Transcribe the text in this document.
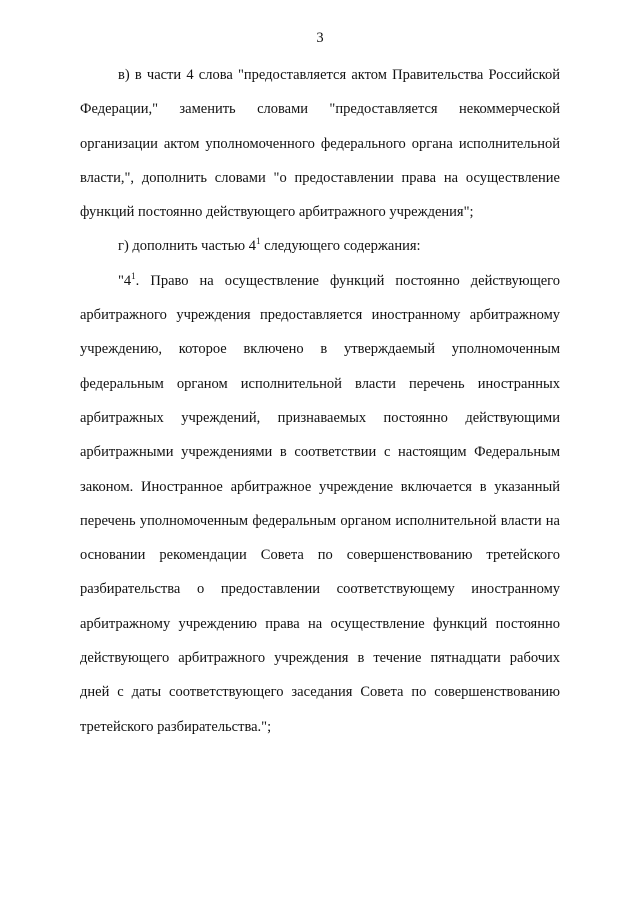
3

в) в части 4 слова "предоставляется актом Правительства Российской Федерации," заменить словами "предоставляется некоммерческой организации актом уполномоченного федерального органа исполнительной власти,", дополнить словами "о предоставлении права на осуществление функций постоянно действующего арбитражного учреждения";

г) дополнить частью $4^1$ следующего содержания:

"$4^1$. Право на осуществление функций постоянно действующего арбитражного учреждения предоставляется иностранному арбитражному учреждению, которое включено в утверждаемый уполномоченным федеральным органом исполнительной власти перечень иностранных арбитражных учреждений, признаваемых постоянно действующими арбитражными учреждениями в соответствии с настоящим Федеральным законом. Иностранное арбитражное учреждение включается в указанный перечень уполномоченным федеральным органом исполнительной власти на основании рекомендации Совета по совершенствованию третейского разбирательства о предоставлении соответствующему иностранному арбитражному учреждению права на осуществление функций постоянно действующего арбитражного учреждения в течение пятнадцати рабочих дней с даты соответствующего заседания Совета по совершенствованию третейского разбирательства.";
